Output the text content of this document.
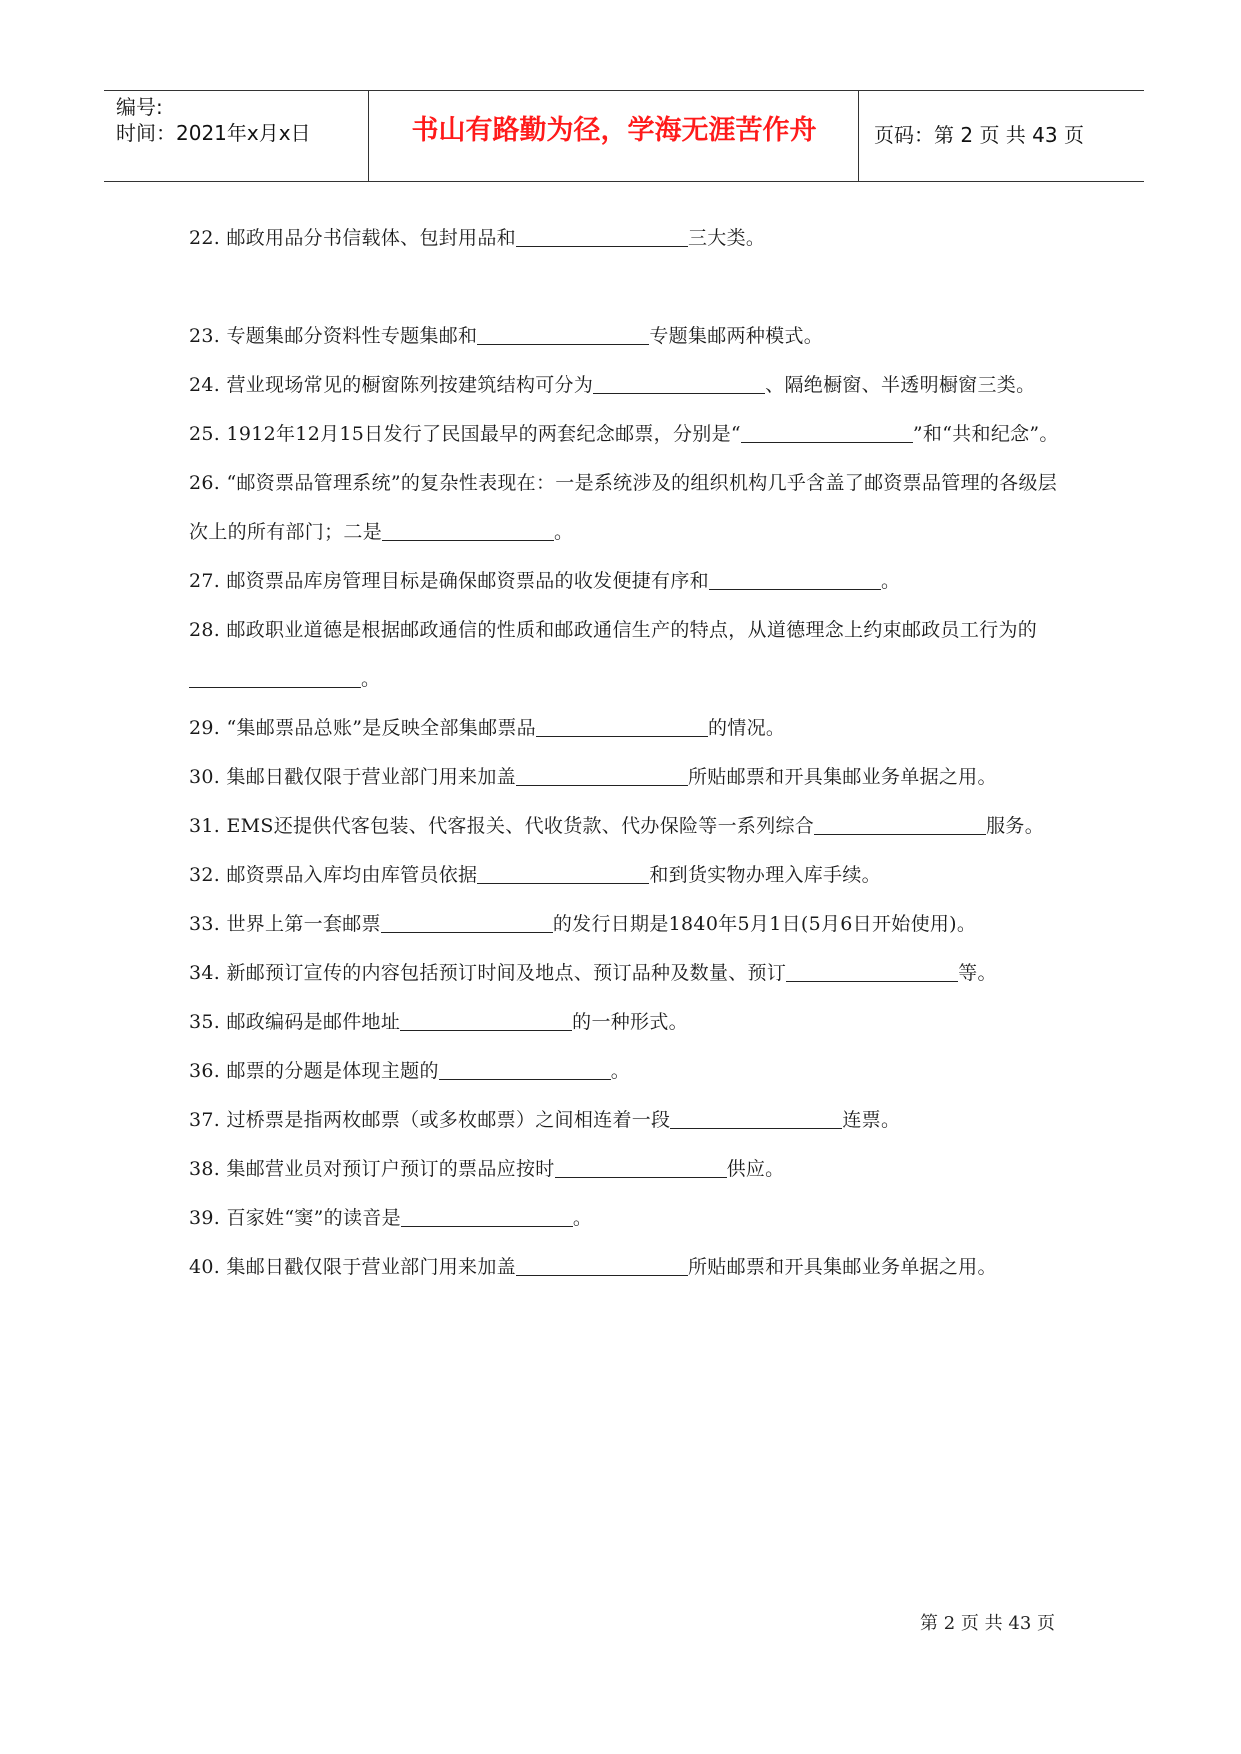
编号:
时间：2021年x月x日	书山有路勤为径，学海无涯苦作舟	页码：第 2 页 共 43 页

22. 邮政用品分书信载体、包封用品和	三大类。

23. 专题集邮分资料性专题集邮和	专题集邮两种模式。

24. 营业现场常见的橱窗陈列按建筑结构可分为	、隔绝橱窗、半透明橱窗三类。

25. 1912年12月15日发行了民国最早的两套纪念邮票，分别是“	”和“共和纪念”。

26. “邮资票品管理系统”的复杂性表现在：一是系统涉及的组织机构几乎含盖了邮资票品管理的各级层次上的所有部门；二是	。

27. 邮资票品库房管理目标是确保邮资票品的收发便捷有序和	。

28. 邮政职业道德是根据邮政通信的性质和邮政通信生产的特点，从道德理念上约束邮政员工行为的。

29. “集邮票品总账”是反映全部集邮票品	的情况。

30. 集邮日戳仅限于营业部门用来加盖	所贴邮票和开具集邮业务单据之用。

31. EMS还提供代客包装、代客报关、代收货款、代办保险等一系列综合	服务。

32. 邮资票品入库均由库管员依据	和到货实物办理入库手续。

33. 世界上第一套邮票	的发行日期是1840年5月1日(5月6日开始使用)。

34. 新邮预订宣传的内容包括预订时间及地点、预订品种及数量、预订	等。

35. 邮政编码是邮件地址	的一种形式。

36. 邮票的分题是体现主题的	。

37. 过桥票是指两枚邮票（或多枚邮票）之间相连着一段	连票。

38. 集邮营业员对预订户预订的票品应按时	供应。

39. 百家姓“窦”的读音是	。

40. 集邮日戳仅限于营业部门用来加盖	所贴邮票和开具集邮业务单据之用。

第 2 页 共 43 页
